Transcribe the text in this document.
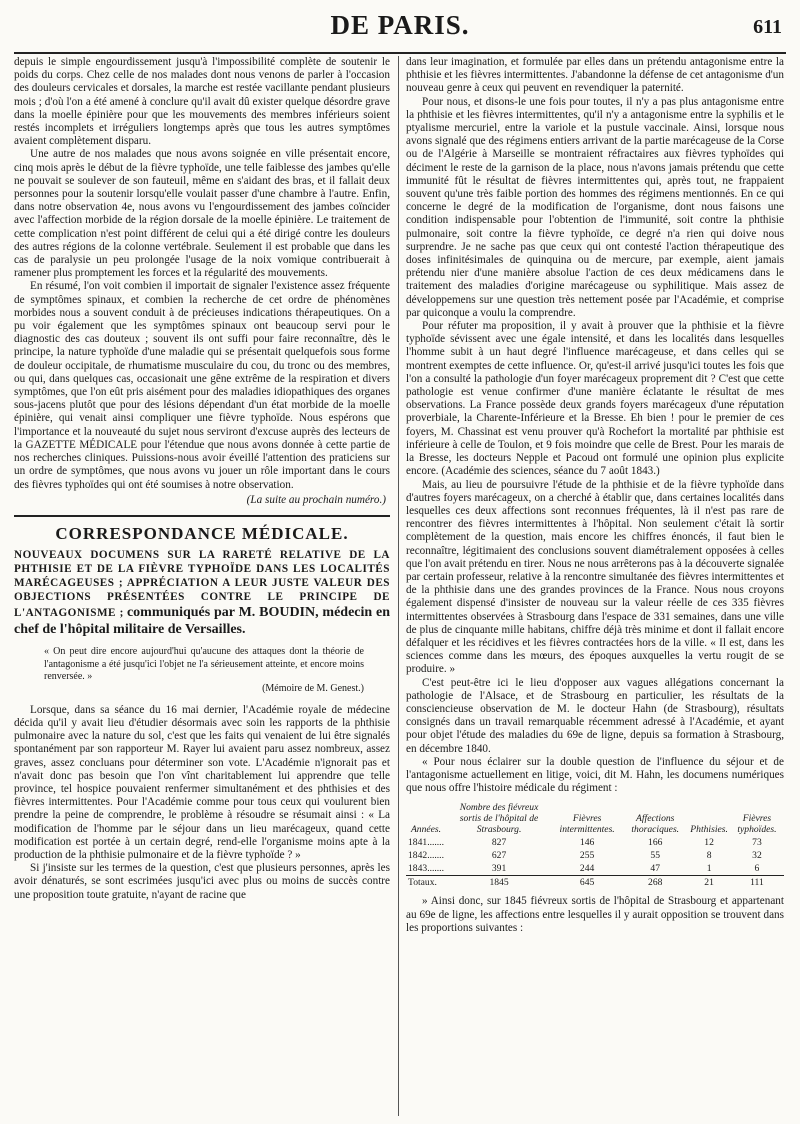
DE PARIS.	611

depuis le simple engourdissement jusqu'à l'impossibilité complète de soutenir le poids du corps. Chez celle de nos malades dont nous venons de parler à l'occasion des douleurs cervicales et dorsales, la marche est restée vacillante pendant plusieurs mois ; d'où l'on a été amené à conclure qu'il avait dû exister quelque désordre grave dans la moelle épinière pour que les mouvements des membres inférieurs soient restés incomplets et irréguliers longtemps après que tous les autres symptômes avaient complètement disparu.

Une autre de nos malades que nous avons soignée en ville présentait encore, cinq mois après le début de la fièvre typhoïde, une telle faiblesse des jambes qu'elle ne pouvait se soulever de son fauteuil, même en s'aidant des bras, et il fallait deux personnes pour la soutenir lorsqu'elle voulait passer d'une chambre à l'autre. Enfin, dans notre observation 4e, nous avons vu l'engourdissement des jambes coïncider avec l'affection morbide de la région dorsale de la moelle épinière. Le traitement de cette complication n'est point différent de celui qui a été dirigé contre les douleurs des autres régions de la colonne vertébrale. Seulement il est probable que dans les cas de paralysie un peu prolongée l'usage de la noix vomique contribuerait à ramener plus promptement les forces et la régularité des mouvements.

En résumé, l'on voit combien il importait de signaler l'existence assez fréquente de symptômes spinaux, et combien la recherche de cet ordre de phénomènes morbides nous a souvent conduit à de précieuses indications thérapeutiques. On a pu voir également que les symptômes spinaux ont beaucoup servi pour le diagnostic des cas douteux ; souvent ils ont suffi pour faire reconnaître, dès le principe, la nature typhoïde d'une maladie qui se présentait quelquefois sous forme de douleur occipitale, de rhumatisme musculaire du cou, du tronc ou des membres, ou qui, dans quelques cas, occasionait une gêne extrême de la respiration et divers symptômes, que l'on eût pris aisément pour des maladies idiopathiques des organes sous-jacens plutôt que pour des lésions dépendant d'un état morbide de la moelle épinière, qui venait ainsi compliquer une fièvre typhoïde. Nous espérons que l'importance et la nouveauté du sujet nous serviront d'excuse auprès des lecteurs de la GAZETTE MÉDICALE pour l'étendue que nous avons donnée à cette partie de nos recherches cliniques. Puissions-nous avoir éveillé l'attention des praticiens sur un ordre de symptômes, que nous avons vu jouer un rôle important dans le cours des fièvres typhoïdes qui ont été soumises à notre observation.

(La suite au prochain numéro.)
CORRESPONDANCE MÉDICALE.

NOUVEAUX DOCUMENS SUR LA RARETÉ RELATIVE DE LA PHTHISIE ET DE LA FIÈVRE TYPHOÏDE DANS LES LOCALITÉS MARÉCAGEUSES ; APPRÉCIATION A LEUR JUSTE VALEUR DES OBJECTIONS PRÉSENTÉES CONTRE LE PRINCIPE DE L'ANTAGONISME ; communiqués par M. BOUDIN, médecin en chef de l'hôpital militaire de Versailles.

« On peut dire encore aujourd'hui qu'aucune des attaques dont la théorie de l'antagonisme a été jusqu'ici l'objet ne l'a sérieusement atteinte, et encore moins renversée. »
(Mémoire de M. Genest.)

Lorsque, dans sa séance du 16 mai dernier, l'Académie royale de médecine décida qu'il y avait lieu d'étudier désormais avec soin les rapports de la phthisie pulmonaire avec la nature du sol, c'est que les faits qui venaient de lui être signalés spontanément par son rapporteur M. Rayer lui avaient paru assez nombreux, assez graves, assez concluans pour déterminer son vote. L'Académie n'ignorait pas et n'avait donc pas besoin que l'on vînt charitablement lui apprendre que telle province, tel hospice pouvaient renfermer simultanément et des phthisies et des fièvres intermittentes. Pour l'Académie comme pour tous ceux qui voulurent bien prendre la peine de comprendre, le problème à résoudre se résumait ainsi : « La modification de l'homme par le séjour dans un lieu marécageux, quand cette modification est portée à un certain degré, rend-elle l'organisme moins apte à la production de la phthisie pulmonaire et de la fièvre typhoïde ? »

Si j'insiste sur les termes de la question, c'est que plusieurs personnes, après les avoir dénaturés, se sont escrimées jusqu'ici avec plus ou moins de succès contre une proposition toute gratuite, n'ayant de racine que

dans leur imagination, et formulée par elles dans un prétendu antagonisme entre la phthisie et les fièvres intermittentes. J'abandonne la défense de cet antagonisme d'un nouveau genre à ceux qui peuvent en revendiquer la paternité.

Pour nous, et disons-le une fois pour toutes, il n'y a pas plus antagonisme entre la phthisie et les fièvres intermittentes, qu'il n'y a antagonisme entre la syphilis et le ptyalisme mercuriel, entre la variole et la pustule vaccinale. Ainsi, lorsque nous avons signalé que des régimens entiers arrivant de la partie marécageuse de la Corse ou de l'Algérie à Marseille se montraient réfractaires aux fièvres typhoïdes qui déciment le reste de la garnison de la place, nous n'avons jamais prétendu que cette immunité fût le résultat de fièvres intermittentes qui, après tout, ne frappaient souvent qu'une très faible portion des hommes des régimens mentionnés. En ce qui concerne le degré de la modification de l'organisme, dont nous faisons une condition indispensable pour l'obtention de l'immunité, soit contre la phthisie pulmonaire, soit contre la fièvre typhoïde, ce degré n'a rien qui doive nous surprendre. Je ne sache pas que ceux qui ont contesté l'action thérapeutique des doses infinitésimales de quinquina ou de mercure, par exemple, aient jamais prétendu nier d'une manière absolue l'action de ces deux médicamens dans le traitement des maladies d'origine marécageuse ou syphilitique. Mais assez de développemens sur une question très nettement posée par l'Académie, et comprise par quiconque a voulu la comprendre.

Pour réfuter ma proposition, il y avait à prouver que la phthisie et la fièvre typhoïde sévissent avec une égale intensité, et dans les localités dans lesquelles l'homme subit à un haut degré l'influence marécageuse, et dans celles qui se montrent exemptes de cette influence. Or, qu'est-il arrivé jusqu'ici toutes les fois que l'on a consulté la pathologie d'un foyer marécageux proprement dit ? C'est que cette pathologie est venue confirmer d'une manière éclatante le résultat de mes observations. La France possède deux grands foyers marécageux d'une réputation proverbiale, la Charente-Inférieure et la Bresse. Eh bien ! pour le premier de ces foyers, M. Chassinat est venu prouver qu'à Rochefort la mortalité par phthisie est inférieure à celle de Toulon, et 9 fois moindre que celle de Brest. Pour les marais de la Bresse, les docteurs Nepple et Pacoud ont formulé une opinion plus explicite encore. (Académie des sciences, séance du 7 août 1843.)

Mais, au lieu de poursuivre l'étude de la phthisie et de la fièvre typhoïde dans d'autres foyers marécageux, on a cherché à établir que, dans certaines localités dans lesquelles ces deux affections sont reconnues fréquentes, là il n'est pas rare de rencontrer des fièvres intermittentes à l'hôpital. Non seulement c'était là sortir complètement de la question, mais encore les chiffres énoncés, il faut bien le reconnaître, légitimaient des conclusions souvent diamétralement opposées à celles que l'on avait prétendu en tirer. Nous ne nous arrêterons pas à la découverte signalée par certain professeur, relative à la rencontre simultanée des fièvres intermittentes et de la phthisie dans une des grandes provinces de la France. Nous nous croyons également dispensé d'insister de nouveau sur la valeur réelle de ces 335 fièvres intermittentes observées à Strasbourg dans l'espace de 331 semaines, dans une ville de plus de cinquante mille habitans, chiffre déjà très minime et dont il fallait encore défalquer et les récidives et les fièvres contractées hors de la ville. « Il est, dans les sciences comme dans les mœurs, des époques auxquelles la vertu rougit de se produire. »

C'est peut-être ici le lieu d'opposer aux vagues allégations concernant la pathologie de l'Alsace, et de Strasbourg en particulier, les résultats de la consciencieuse observation de M. le docteur Hahn (de Strasbourg), résultats consignés dans un travail remarquable récemment adressé à l'Académie, et ayant pour objet l'étude des maladies du 69e de ligne, depuis sa formation à Strasbourg, en décembre 1840.

« Pour nous éclairer sur la double question de l'influence du séjour et de l'antagonisme actuellement en litige, voici, dit M. Hahn, les documens numériques que nous offre l'histoire médicale du régiment :

Années.	Nombre des fiévreux sortis de l'hôpital de Strasbourg.	Fièvres intermittentes.	Affections thoraciques.	Phthisies.	Fièvres typhoïdes.
1841.......	827	146	166	12	73
1842.......	627	255	55	8	32
1843.......	391	244	47	1	6
Totaux.	1845	645	268	21	111

» Ainsi donc, sur 1845 fiévreux sortis de l'hôpital de Strasbourg et appartenant au 69e de ligne, les affections entre lesquelles il y aurait opposition se trouvent dans les proportions suivantes :
